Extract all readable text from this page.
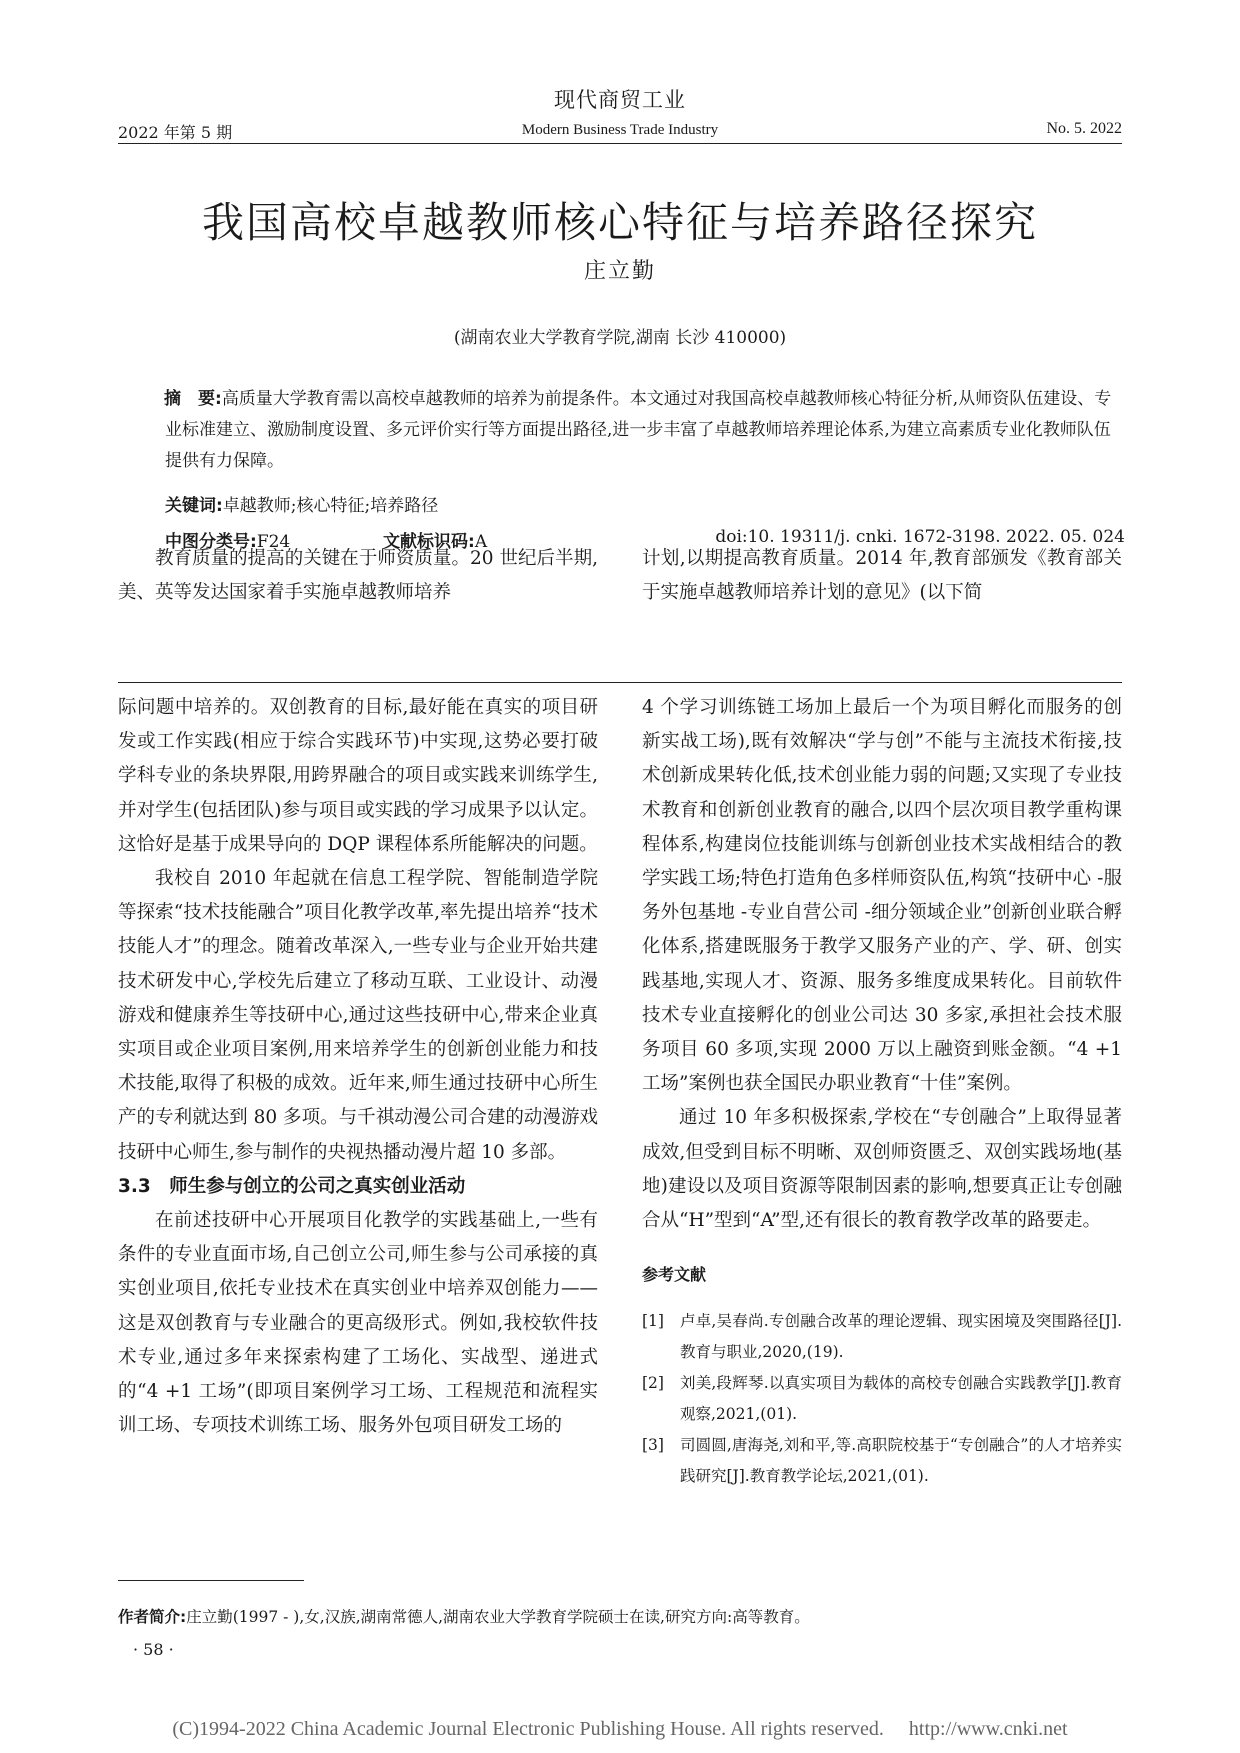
现代商贸工业
2022 年第 5 期	Modern Business Trade Industry	No. 5. 2022
我国高校卓越教师核心特征与培养路径探究
庄立勤
(湖南农业大学教育学院,湖南 长沙 410000)
摘　要:高质量大学教育需以高校卓越教师的培养为前提条件。本文通过对我国高校卓越教师核心特征分析,从师资队伍建设、专业标准建立、激励制度设置、多元评价实行等方面提出路径,进一步丰富了卓越教师培养理论体系,为建立高素质专业化教师队伍提供有力保障。
关键词:卓越教师;核心特征;培养路径
中图分类号:F24	文献标识码:A	doi:10. 19311/j. cnki. 1672-3198. 2022. 05. 024

教育质量的提高的关键在于师资质量。20 世纪后半期,美、英等发达国家着手实施卓越教师培养

计划,以期提高教育质量。2014 年,教育部颁发《教育部关于实施卓越教师培养计划的意见》(以下简

际问题中培养的。双创教育的目标,最好能在真实的项目研发或工作实践(相应于综合实践环节)中实现,这势必要打破学科专业的条块界限,用跨界融合的项目或实践来训练学生,并对学生(包括团队)参与项目或实践的学习成果予以认定。这恰好是基于成果导向的 DQP 课程体系所能解决的问题。

我校自 2010 年起就在信息工程学院、智能制造学院等探索“技术技能融合”项目化教学改革,率先提出培养“技术技能人才”的理念。随着改革深入,一些专业与企业开始共建技术研发中心,学校先后建立了移动互联、工业设计、动漫游戏和健康养生等技研中心,通过这些技研中心,带来企业真实项目或企业项目案例,用来培养学生的创新创业能力和技术技能,取得了积极的成效。近年来,师生通过技研中心所生产的专利就达到 80 多项。与千祺动漫公司合建的动漫游戏技研中心师生,参与制作的央视热播动漫片超 10 多部。

3.3　师生参与创立的公司之真实创业活动

在前述技研中心开展项目化教学的实践基础上,一些有条件的专业直面市场,自己创立公司,师生参与公司承接的真实创业项目,依托专业技术在真实创业中培养双创能力——这是双创教育与专业融合的更高级形式。例如,我校软件技术专业,通过多年来探索构建了工场化、实战型、递进式的“4 +1 工场”(即项目案例学习工场、工程规范和流程实训工场、专项技术训练工场、服务外包项目研发工场的

4 个学习训练链工场加上最后一个为项目孵化而服务的创新实战工场),既有效解决“学与创”不能与主流技术衔接,技术创新成果转化低,技术创业能力弱的问题;又实现了专业技术教育和创新创业教育的融合,以四个层次项目教学重构课程体系,构建岗位技能训练与创新创业技术实战相结合的教学实践工场;特色打造角色多样师资队伍,构筑“技研中心 -服务外包基地 -专业自营公司 -细分领域企业”创新创业联合孵化体系,搭建既服务于教学又服务产业的产、学、研、创实践基地,实现人才、资源、服务多维度成果转化。目前软件技术专业直接孵化的创业公司达 30 多家,承担社会技术服务项目 60 多项,实现 2000 万以上融资到账金额。“4 +1 工场”案例也获全国民办职业教育“十佳”案例。

通过 10 年多积极探索,学校在“专创融合”上取得显著成效,但受到目标不明晰、双创师资匮乏、双创实践场地(基地)建设以及项目资源等限制因素的影响,想要真正让专创融合从“H”型到“A”型,还有很长的教育教学改革的路要走。

参考文献
[1] 卢卓,吴春尚.专创融合改革的理论逻辑、现实困境及突围路径[J].教育与职业,2020,(19).
[2] 刘美,段辉琴.以真实项目为载体的高校专创融合实践教学[J].教育观察,2021,(01).
[3] 司圆圆,唐海尧,刘和平,等.高职院校基于“专创融合”的人才培养实践研究[J].教育教学论坛,2021,(01).
作者简介:庄立勤(1997 - ),女,汉族,湖南常德人,湖南农业大学教育学院硕士在读,研究方向:高等教育。
· 58 ·
(C)1994-2022 China Academic Journal Electronic Publishing House. All rights reserved.　 http://www.cnki.net
